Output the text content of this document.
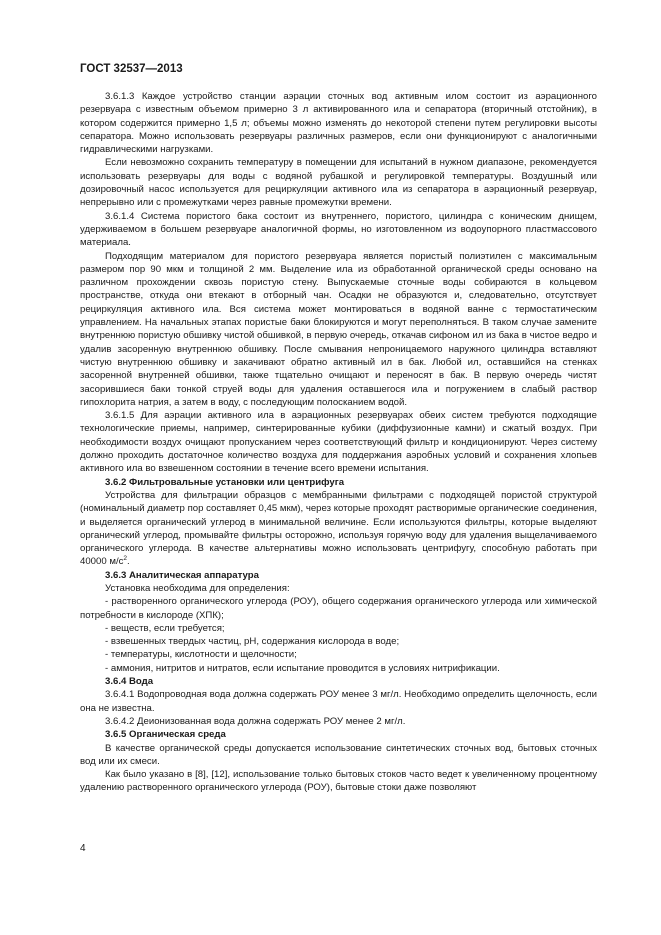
ГОСТ 32537—2013

3.6.1.3 Каждое устройство станции аэрации сточных вод активным илом состоит из аэрационного резервуара с известным объемом примерно 3 л активированного ила и сепаратора (вторичный отстойник), в котором содержится примерно 1,5 л; объемы можно изменять до некоторой степени путем регулировки высоты сепаратора. Можно использовать резервуары различных размеров, если они функционируют с аналогичными гидравлическими нагрузками.

Если невозможно сохранить температуру в помещении для испытаний в нужном диапазоне, рекомендуется использовать резервуары для воды с водяной рубашкой и регулировкой температуры. Воздушный или дозировочный насос используется для рециркуляции активного ила из сепаратора в аэрационный резервуар, непрерывно или с промежутками через равные промежутки времени.

3.6.1.4 Система пористого бака состоит из внутреннего, пористого, цилиндра с коническим днищем, удерживаемом в большем резервуаре аналогичной формы, но изготовленном из водоупорного пластмассового материала.

Подходящим материалом для пористого резервуара является пористый полиэтилен с максимальным размером пор 90 мкм и толщиной 2 мм. Выделение ила из обработанной органической среды основано на различном прохождении сквозь пористую стену. Выпускаемые сточные воды собираются в кольцевом пространстве, откуда они втекают в отборный чан. Осадки не образуются и, следовательно, отсутствует рециркуляция активного ила. Вся система может монтироваться в водяной ванне с термостатическим управлением. На начальных этапах пористые баки блокируются и могут переполняться. В таком случае замените внутреннюю пористую обшивку чистой обшивкой, в первую очередь, откачав сифоном ил из бака в чистое ведро и удалив засоренную внутреннюю обшивку. После смывания непроницаемого наружного цилиндра вставляют чистую внутреннюю обшивку и закачивают обратно активный ил в бак. Любой ил, оставшийся на стенках засоренной внутренней обшивки, также тщательно очищают и переносят в бак. В первую очередь чистят засорившиеся баки тонкой струей воды для удаления оставшегося ила и погружением в слабый раствор гипохлорита натрия, а затем в воду, с последующим полосканием водой.

3.6.1.5 Для аэрации активного ила в аэрационных резервуарах обеих систем требуются подходящие технологические приемы, например, синтерированные кубики (диффузионные камни) и сжатый воздух. При необходимости воздух очищают пропусканием через соответствующий фильтр и кондиционируют. Через систему должно проходить достаточное количество воздуха для поддержания аэробных условий и сохранения хлопьев активного ила во взвешенном состоянии в течение всего времени испытания.

3.6.2 Фильтровальные установки или центрифуга

Устройства для фильтрации образцов с мембранными фильтрами с подходящей пористой структурой (номинальный диаметр пор составляет 0,45 мкм), через которые проходят растворимые органические соединения, и выделяется органический углерод в минимальной величине. Если используются фильтры, которые выделяют органический углерод, промывайте фильтры осторожно, используя горячую воду для удаления выщелачиваемого органического углерода. В качестве альтернативы можно использовать центрифугу, способную работать при 40000 $м/с^2$.

3.6.3 Аналитическая аппаратура

Установка необходима для определения:

- растворенного органического углерода (РОУ), общего содержания органического углерода или химической потребности в кислороде (ХПК);

- веществ, если требуется;

- взвешенных твердых частиц, pH, содержания кислорода в воде;

- температуры, кислотности и щелочности;

- аммония, нитритов и нитратов, если испытание проводится в условиях нитрификации.

3.6.4 Вода

3.6.4.1 Водопроводная вода должна содержать РОУ менее 3 мг/л. Необходимо определить щелочность, если она не известна.

3.6.4.2 Деионизованная вода должна содержать РОУ менее 2 мг/л.

3.6.5 Органическая среда

В качестве органической среды допускается использование синтетических сточных вод, бытовых сточных вод или их смеси.

Как было указано в [8], [12], использование только бытовых стоков часто ведет к увеличенному процентному удалению растворенного органического углерода (РОУ), бытовые стоки даже позволяют

4
